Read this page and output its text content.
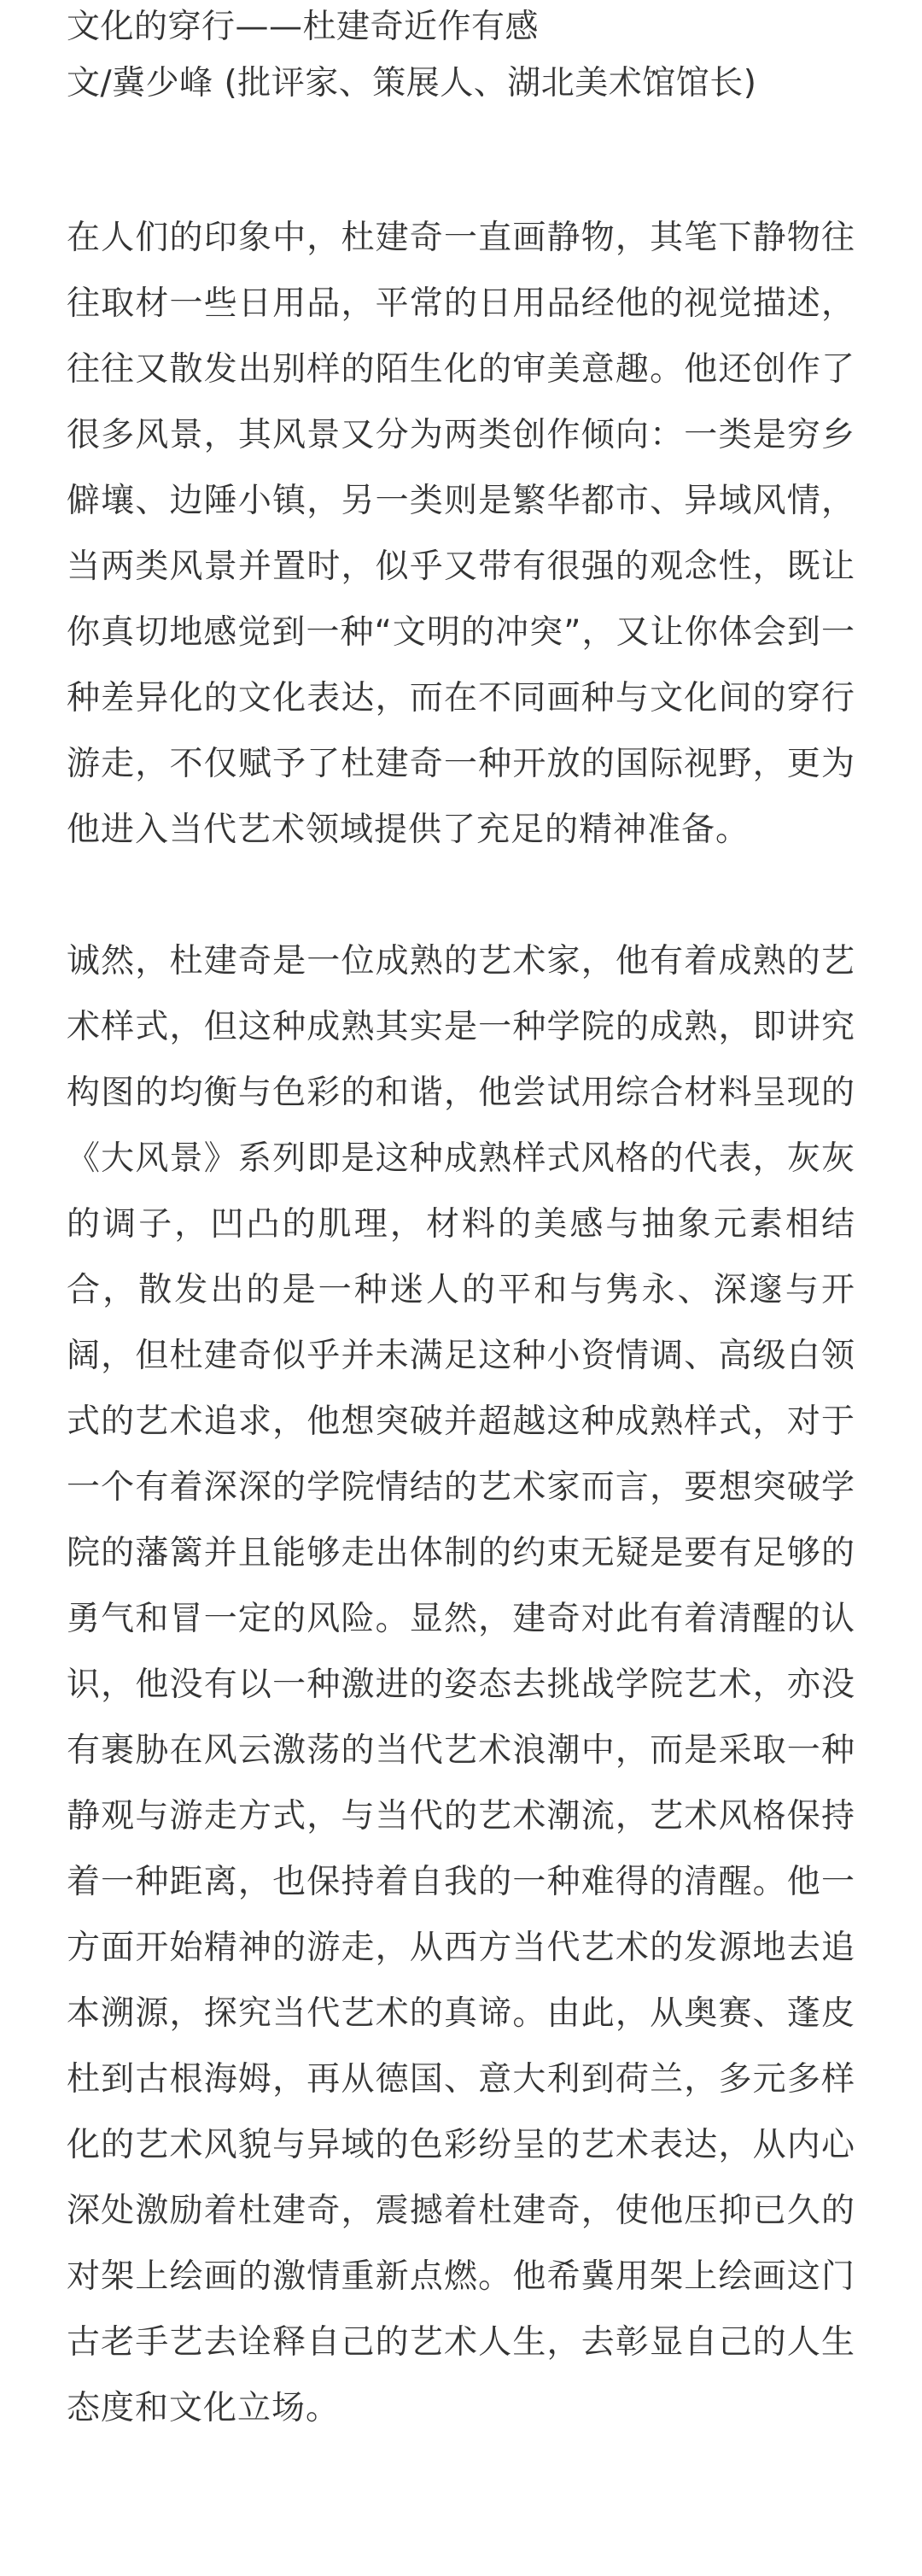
文化的穿行——杜建奇近作有感
文/冀少峰 (批评家、策展人、湖北美术馆馆长)

在人们的印象中，杜建奇一直画静物，其笔下静物往往取材一些日用品，平常的日用品经他的视觉描述，往往又散发出别样的陌生化的审美意趣。他还创作了很多风景，其风景又分为两类创作倾向：一类是穷乡僻壤、边陲小镇，另一类则是繁华都市、异域风情，当两类风景并置时，似乎又带有很强的观念性，既让你真切地感觉到一种“文明的冲突”，又让你体会到一种差异化的文化表达，而在不同画种与文化间的穿行游走，不仅赋予了杜建奇一种开放的国际视野，更为他进入当代艺术领域提供了充足的精神准备。

诚然，杜建奇是一位成熟的艺术家，他有着成熟的艺术样式，但这种成熟其实是一种学院的成熟，即讲究构图的均衡与色彩的和谐，他尝试用综合材料呈现的《大风景》系列即是这种成熟样式风格的代表，灰灰的调子，凹凸的肌理，材料的美感与抽象元素相结合，散发出的是一种迷人的平和与隽永、深邃与开阔，但杜建奇似乎并未满足这种小资情调、高级白领式的艺术追求，他想突破并超越这种成熟样式，对于一个有着深深的学院情结的艺术家而言，要想突破学院的藩篱并且能够走出体制的约束无疑是要有足够的勇气和冒一定的风险。显然，建奇对此有着清醒的认识，他没有以一种激进的姿态去挑战学院艺术，亦没有裹胁在风云激荡的当代艺术浪潮中，而是采取一种静观与游走方式，与当代的艺术潮流，艺术风格保持着一种距离，也保持着自我的一种难得的清醒。他一方面开始精神的游走，从西方当代艺术的发源地去追本溯源，探究当代艺术的真谛。由此，从奥赛、蓬皮杜到古根海姆，再从德国、意大利到荷兰，多元多样化的艺术风貌与异域的色彩纷呈的艺术表达，从内心深处激励着杜建奇，震撼着杜建奇，使他压抑已久的对架上绘画的激情重新点燃。他希冀用架上绘画这门古老手艺去诠释自己的艺术人生，去彰显自己的人生态度和文化立场。
